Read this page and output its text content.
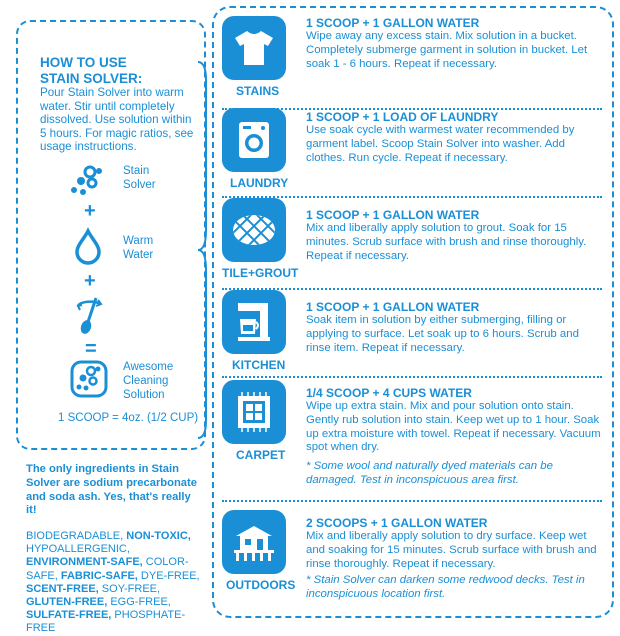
HOW TO USE
STAIN SOLVER:
Pour Stain Solver into warm water. Stir until completely dissolved. Use solution within 5 hours. For magic ratios, see usage instructions.
Stain
Solver
+
Warm
Water
+
=
Awesome
Cleaning
Solution
1 SCOOP = 4oz. (1/2 CUP)
The only ingredients in Stain Solver are sodium precarbonate and soda ash. Yes, that's really it!
BIODEGRADABLE, NON-TOXIC, HYPOALLERGENIC, ENVIRONMENT-SAFE, COLOR-SAFE, FABRIC-SAFE, DYE-FREE, SCENT-FREE, SOY-FREE, GLUTEN-FREE, EGG-FREE, SULFATE-FREE, PHOSPHATE-FREE
STAINS
1 SCOOP + 1 GALLON WATER
Wipe away any excess stain. Mix solution in a bucket. Completely submerge garment in solution in bucket. Let soak 1 - 6 hours. Repeat if necessary.
LAUNDRY
1 SCOOP + 1 LOAD OF LAUNDRY
Use soak cycle with warmest water recommended by garment label. Scoop Stain Solver into washer. Add clothes. Run cycle. Repeat if necessary.
TILE+GROUT
1 SCOOP + 1 GALLON WATER
Mix and liberally apply solution to grout. Soak for 15 minutes. Scrub surface with brush and rinse thoroughly. Repeat if necessary.
KITCHEN
1 SCOOP + 1 GALLON WATER
Soak item in solution by either submerging, filling or applying to surface. Let soak up to 6 hours. Scrub and rinse item. Repeat if necessary.
CARPET
1/4 SCOOP + 4 CUPS WATER
Wipe up extra stain. Mix and pour solution onto stain. Gently rub solution into stain. Keep wet up to 1 hour. Soak up extra moisture with towel. Repeat if necessary. Vacuum spot when dry.
* Some wool and naturally dyed materials can be damaged. Test in inconspicuous area first.
OUTDOORS
2 SCOOPS + 1 GALLON WATER
Mix and liberally apply solution to dry surface. Keep wet and soaking for 15 minutes. Scrub surface with brush and rinse thoroughly. Repeat if necessary.
* Stain Solver can darken some redwood decks. Test in inconspicuous location first.
